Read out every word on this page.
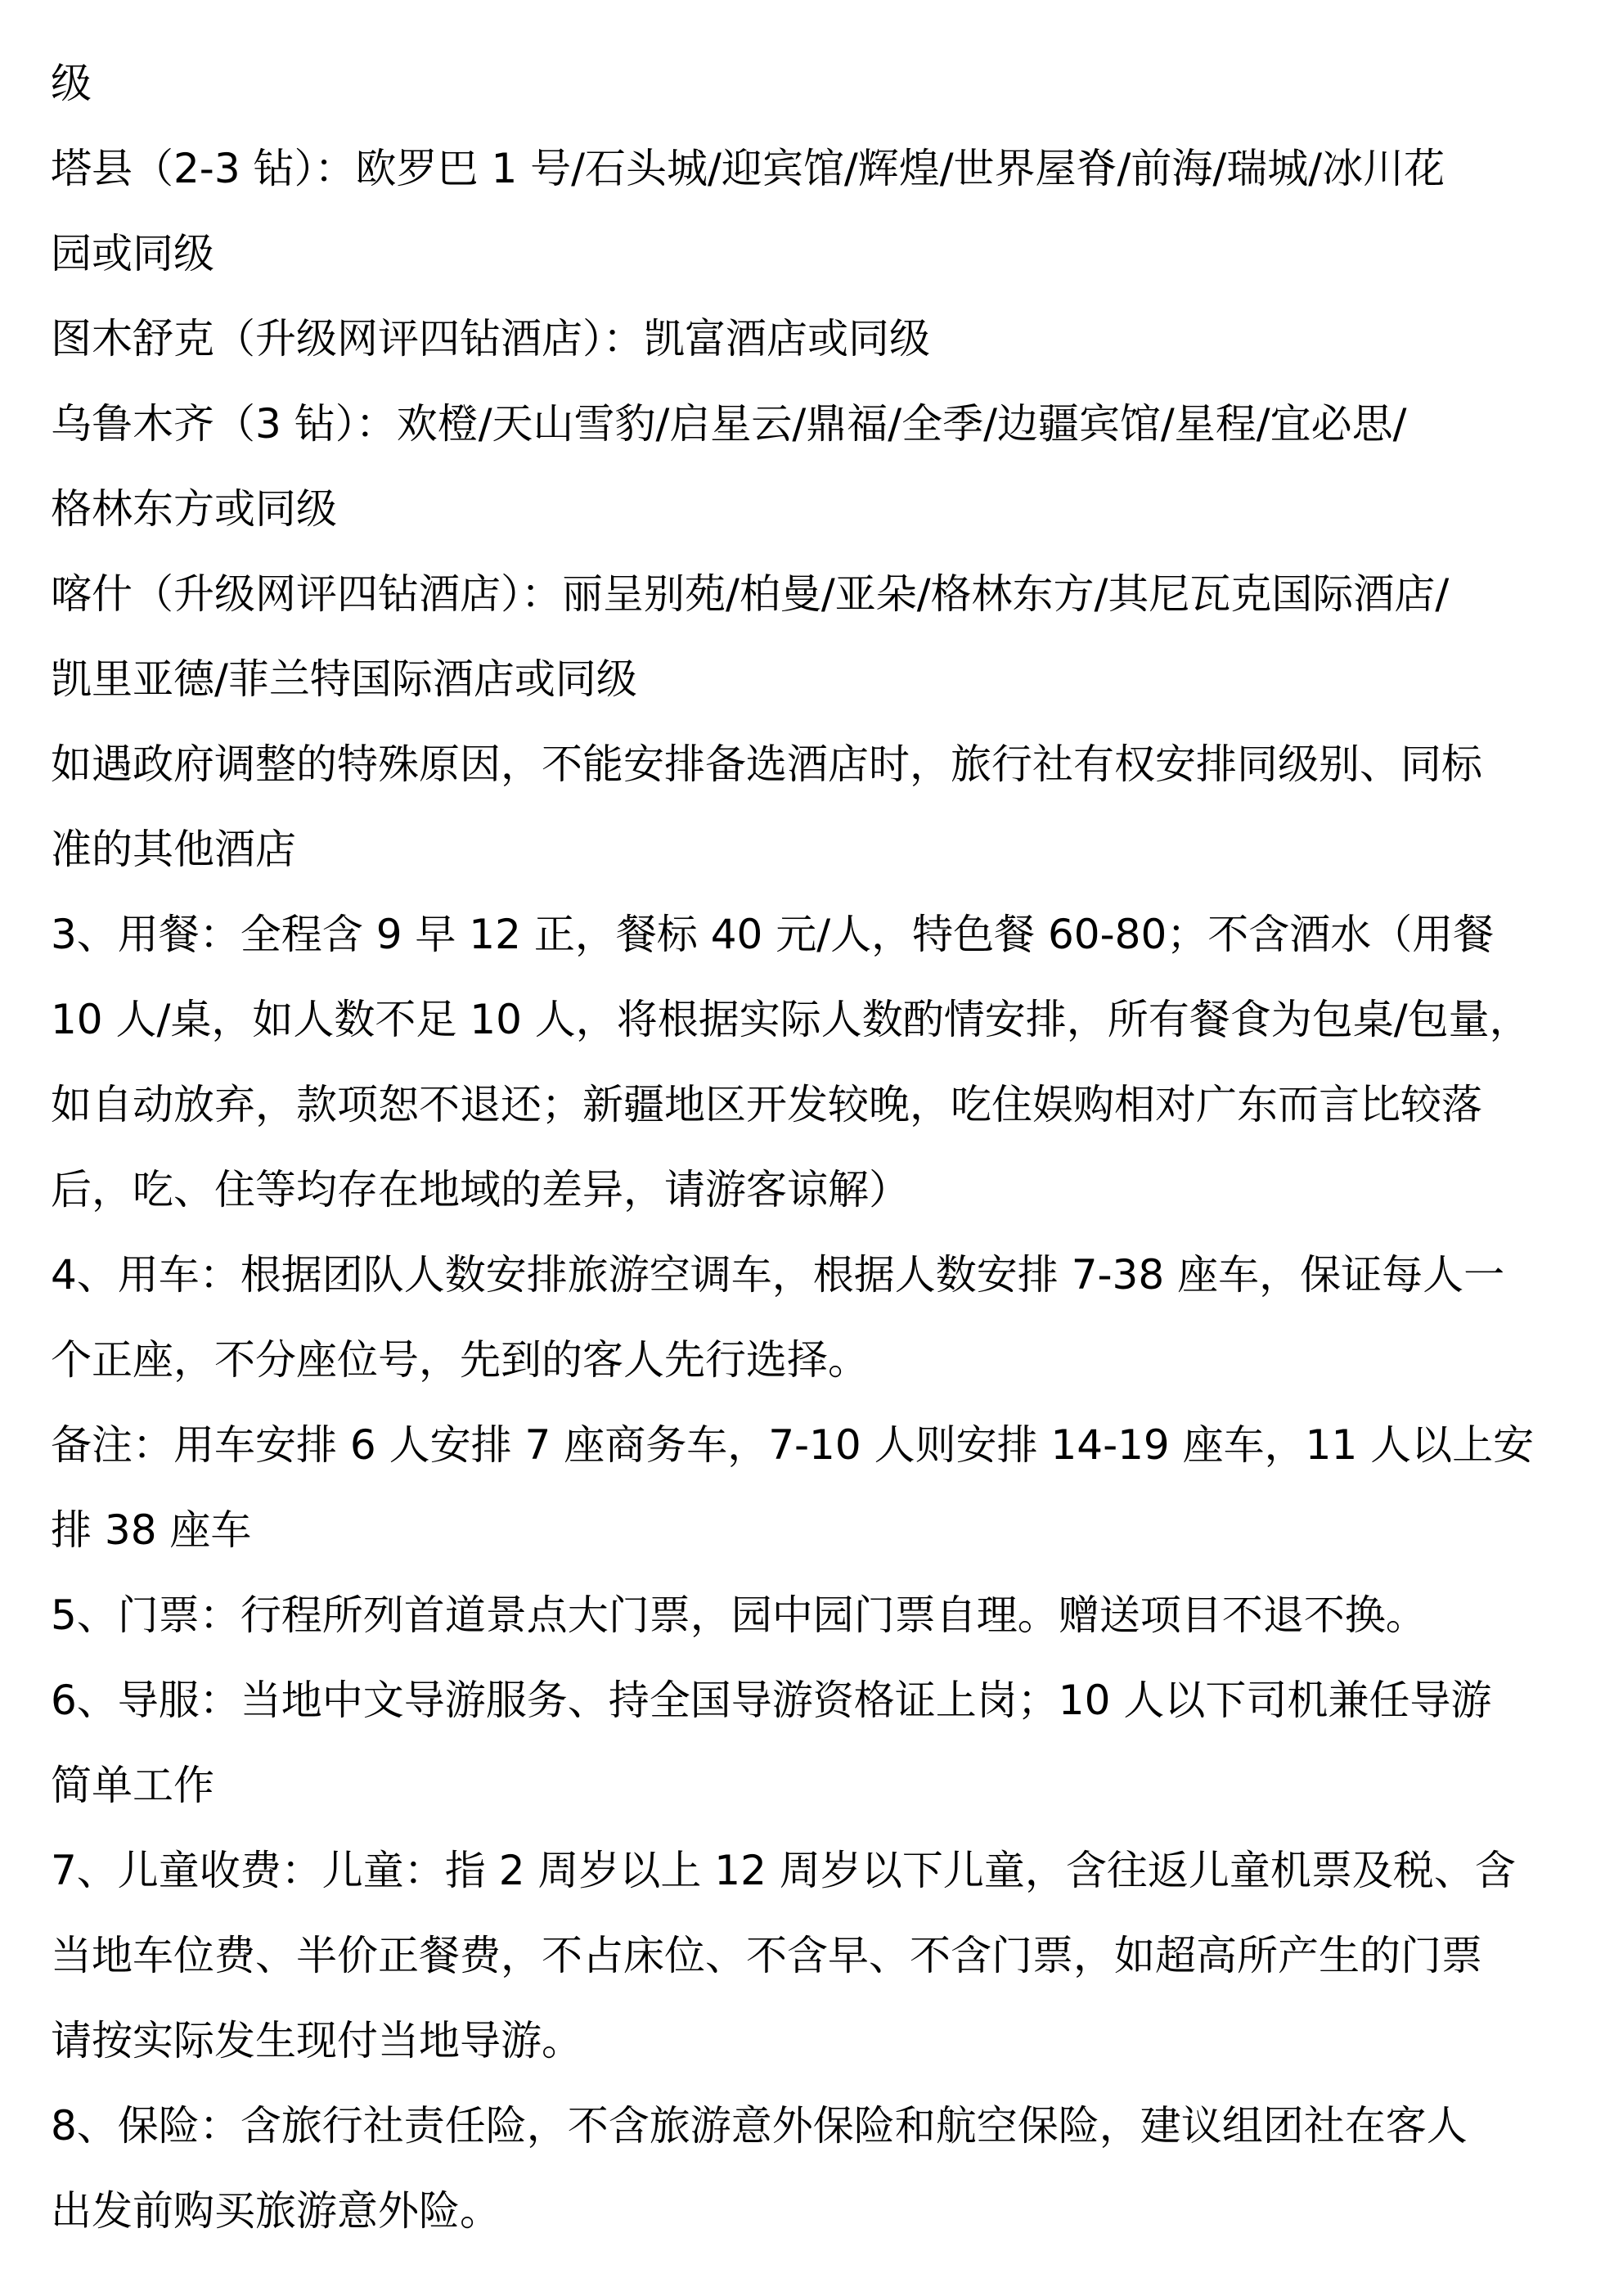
级
塔县（2-3 钻）：欧罗巴 1 号/石头城/迎宾馆/辉煌/世界屋脊/前海/瑞城/冰川花
园或同级
图木舒克（升级网评四钻酒店）：凯富酒店或同级
乌鲁木齐（3 钻）：欢橙/天山雪豹/启星云/鼎福/全季/边疆宾馆/星程/宜必思/
格林东方或同级
喀什（升级网评四钻酒店）：丽呈别苑/柏曼/亚朵/格林东方/其尼瓦克国际酒店/
凯里亚德/菲兰特国际酒店或同级
如遇政府调整的特殊原因，不能安排备选酒店时，旅行社有权安排同级别、同标
准的其他酒店
3、用餐：全程含 9 早 12 正，餐标 40 元/人，特色餐 60-80；不含酒水（用餐
10 人/桌，如人数不足 10 人，将根据实际人数酌情安排，所有餐食为包桌/包量，
如自动放弃，款项恕不退还；新疆地区开发较晚，吃住娱购相对广东而言比较落
后，吃、住等均存在地域的差异，请游客谅解）
4、用车：根据团队人数安排旅游空调车，根据人数安排 7-38 座车，保证每人一
个正座，不分座位号，先到的客人先行选择。
备注：用车安排 6 人安排 7 座商务车，7-10 人则安排 14-19 座车，11 人以上安
排 38 座车
5、门票：行程所列首道景点大门票，园中园门票自理。赠送项目不退不换。
6、导服：当地中文导游服务、持全国导游资格证上岗；10 人以下司机兼任导游
简单工作
7、儿童收费：儿童：指 2 周岁以上 12 周岁以下儿童，含往返儿童机票及税、含
当地车位费、半价正餐费，不占床位、不含早、不含门票，如超高所产生的门票
请按实际发生现付当地导游。
8、保险：含旅行社责任险，不含旅游意外保险和航空保险，建议组团社在客人
出发前购买旅游意外险。
